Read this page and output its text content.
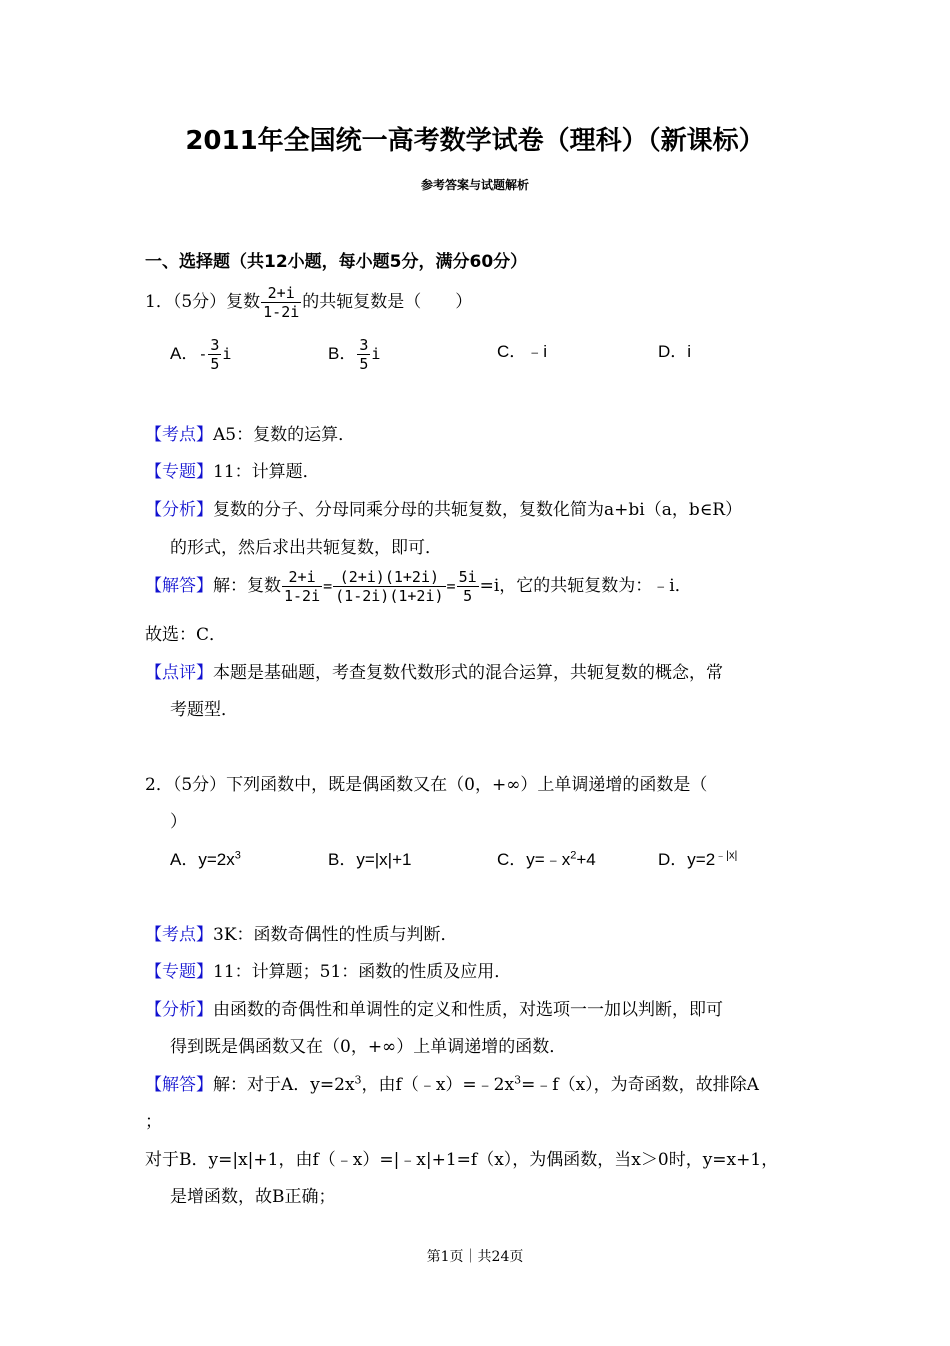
2011年全国统一高考数学试卷（理科）（新课标）
参考答案与试题解析
一、选择题（共12小题，每小题5分，满分60分）
1．（5分）复数 $\frac{2+i}{1-2i}$ 的共轭复数是（　　）
A．- $\frac{3}{5}$ i	B． $\frac{3}{5}$ i	C．﹣i	D．i
【考点】A5：复数的运算．
【专题】11：计算题．
【分析】复数的分子、分母同乘分母的共轭复数，复数化简为a+bi（a，b∈R）
的形式，然后求出共轭复数，即可．
【解答】解：复数 $\frac{2+i}{1-2i} = \frac{(2+i)(1+2i)}{(1-2i)(1+2i)} = \frac{5i}{5} =i$，它的共轭复数为：﹣i．
故选：C．
【点评】本题是基础题，考查复数代数形式的混合运算，共轭复数的概念，常
考题型．
2．（5分）下列函数中，既是偶函数又在（0，+∞）上单调递增的函数是（
）
A．$y=2x^3$	B．y=|x|+1	C．$y=﹣x^2+4$	D．$y=2^{﹣|x|}$
【考点】3K：函数奇偶性的性质与判断．
【专题】11：计算题；51：函数的性质及应用．
【分析】由函数的奇偶性和单调性的定义和性质，对选项一一加以判断，即可
得到既是偶函数又在（0，+∞）上单调递增的函数．
【解答】解：对于A．$y=2x^3$，由$f(﹣x)=﹣2x^3=﹣f(x)$，为奇函数，故排除A
；
对于B．y=|x|+1，由f（﹣x）=|﹣x|+1=f（x），为偶函数，当x＞0时，y=x+1，
是增函数，故B正确；
第1页｜共24页
